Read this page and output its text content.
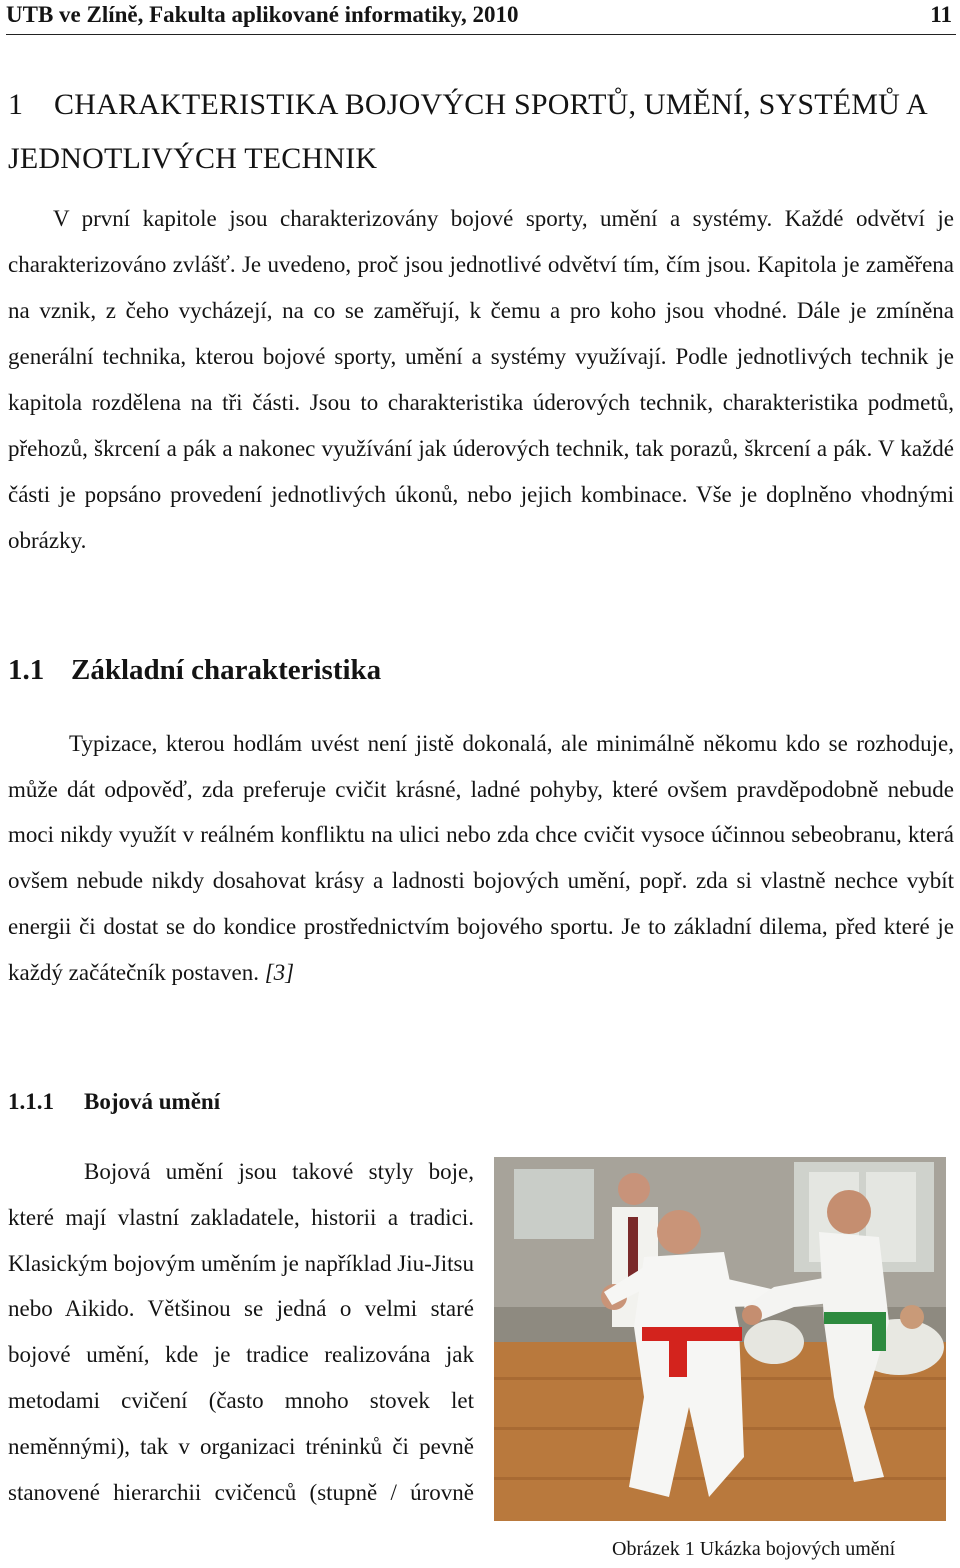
UTB ve Zlíně, Fakulta aplikované informatiky, 2010	11
1 CHARAKTERISTIKA BOJOVÝCH SPORTŮ, UMĚNÍ, SYSTÉMŮ A JEDNOTLIVÝCH TECHNIK

V první kapitole jsou charakterizovány bojové sporty, umění a systémy. Každé odvětví je charakterizováno zvlášť. Je uvedeno, proč jsou jednotlivé odvětví tím, čím jsou. Kapitola je zaměřena na vznik, z čeho vycházejí, na co se zaměřují, k čemu a pro koho jsou vhodné. Dále je zmíněna generální technika, kterou bojové sporty, umění a systémy využívají. Podle jednotlivých technik je kapitola rozdělena na tři části. Jsou to charakteristika úderových technik, charakteristika podmetů, přehozů, škrcení a pák a nakonec využívání jak úderových technik, tak porazů, škrcení a pák. V každé části je popsáno provedení jednotlivých úkonů, nebo jejich kombinace. Vše je doplněno vhodnými obrázky.

1.1 Základní charakteristika

Typizace, kterou hodlám uvést není jistě dokonalá, ale minimálně někomu kdo se rozhoduje, může dát odpověď, zda preferuje cvičit krásné, ladné pohyby, které ovšem pravděpodobně nebude moci nikdy využít v reálném konfliktu na ulici nebo zda chce cvičit vysoce účinnou sebeobranu, která ovšem nebude nikdy dosahovat krásy a ladnosti bojových umění, popř. zda si vlastně nechce vybít energii či dostat se do kondice prostřednictvím bojového sportu. Je to základní dilema, před které je každý začátečník postaven. [3]

1.1.1 Bojová umění

Bojová umění jsou takové styly boje, které mají vlastní zakladatele, historii a tradici. Klasickým bojovým uměním je například Jiu-Jitsu nebo Aikido. Většinou se jedná o velmi staré bojové umění, kde je tradice realizována jak metodami cvičení (často mnoho stovek let neměnnými), tak v organizaci tréninků či pevně stanovené hierarchii cvičenců (stupně / úrovně

Obrázek 1 Ukázka bojových umění
